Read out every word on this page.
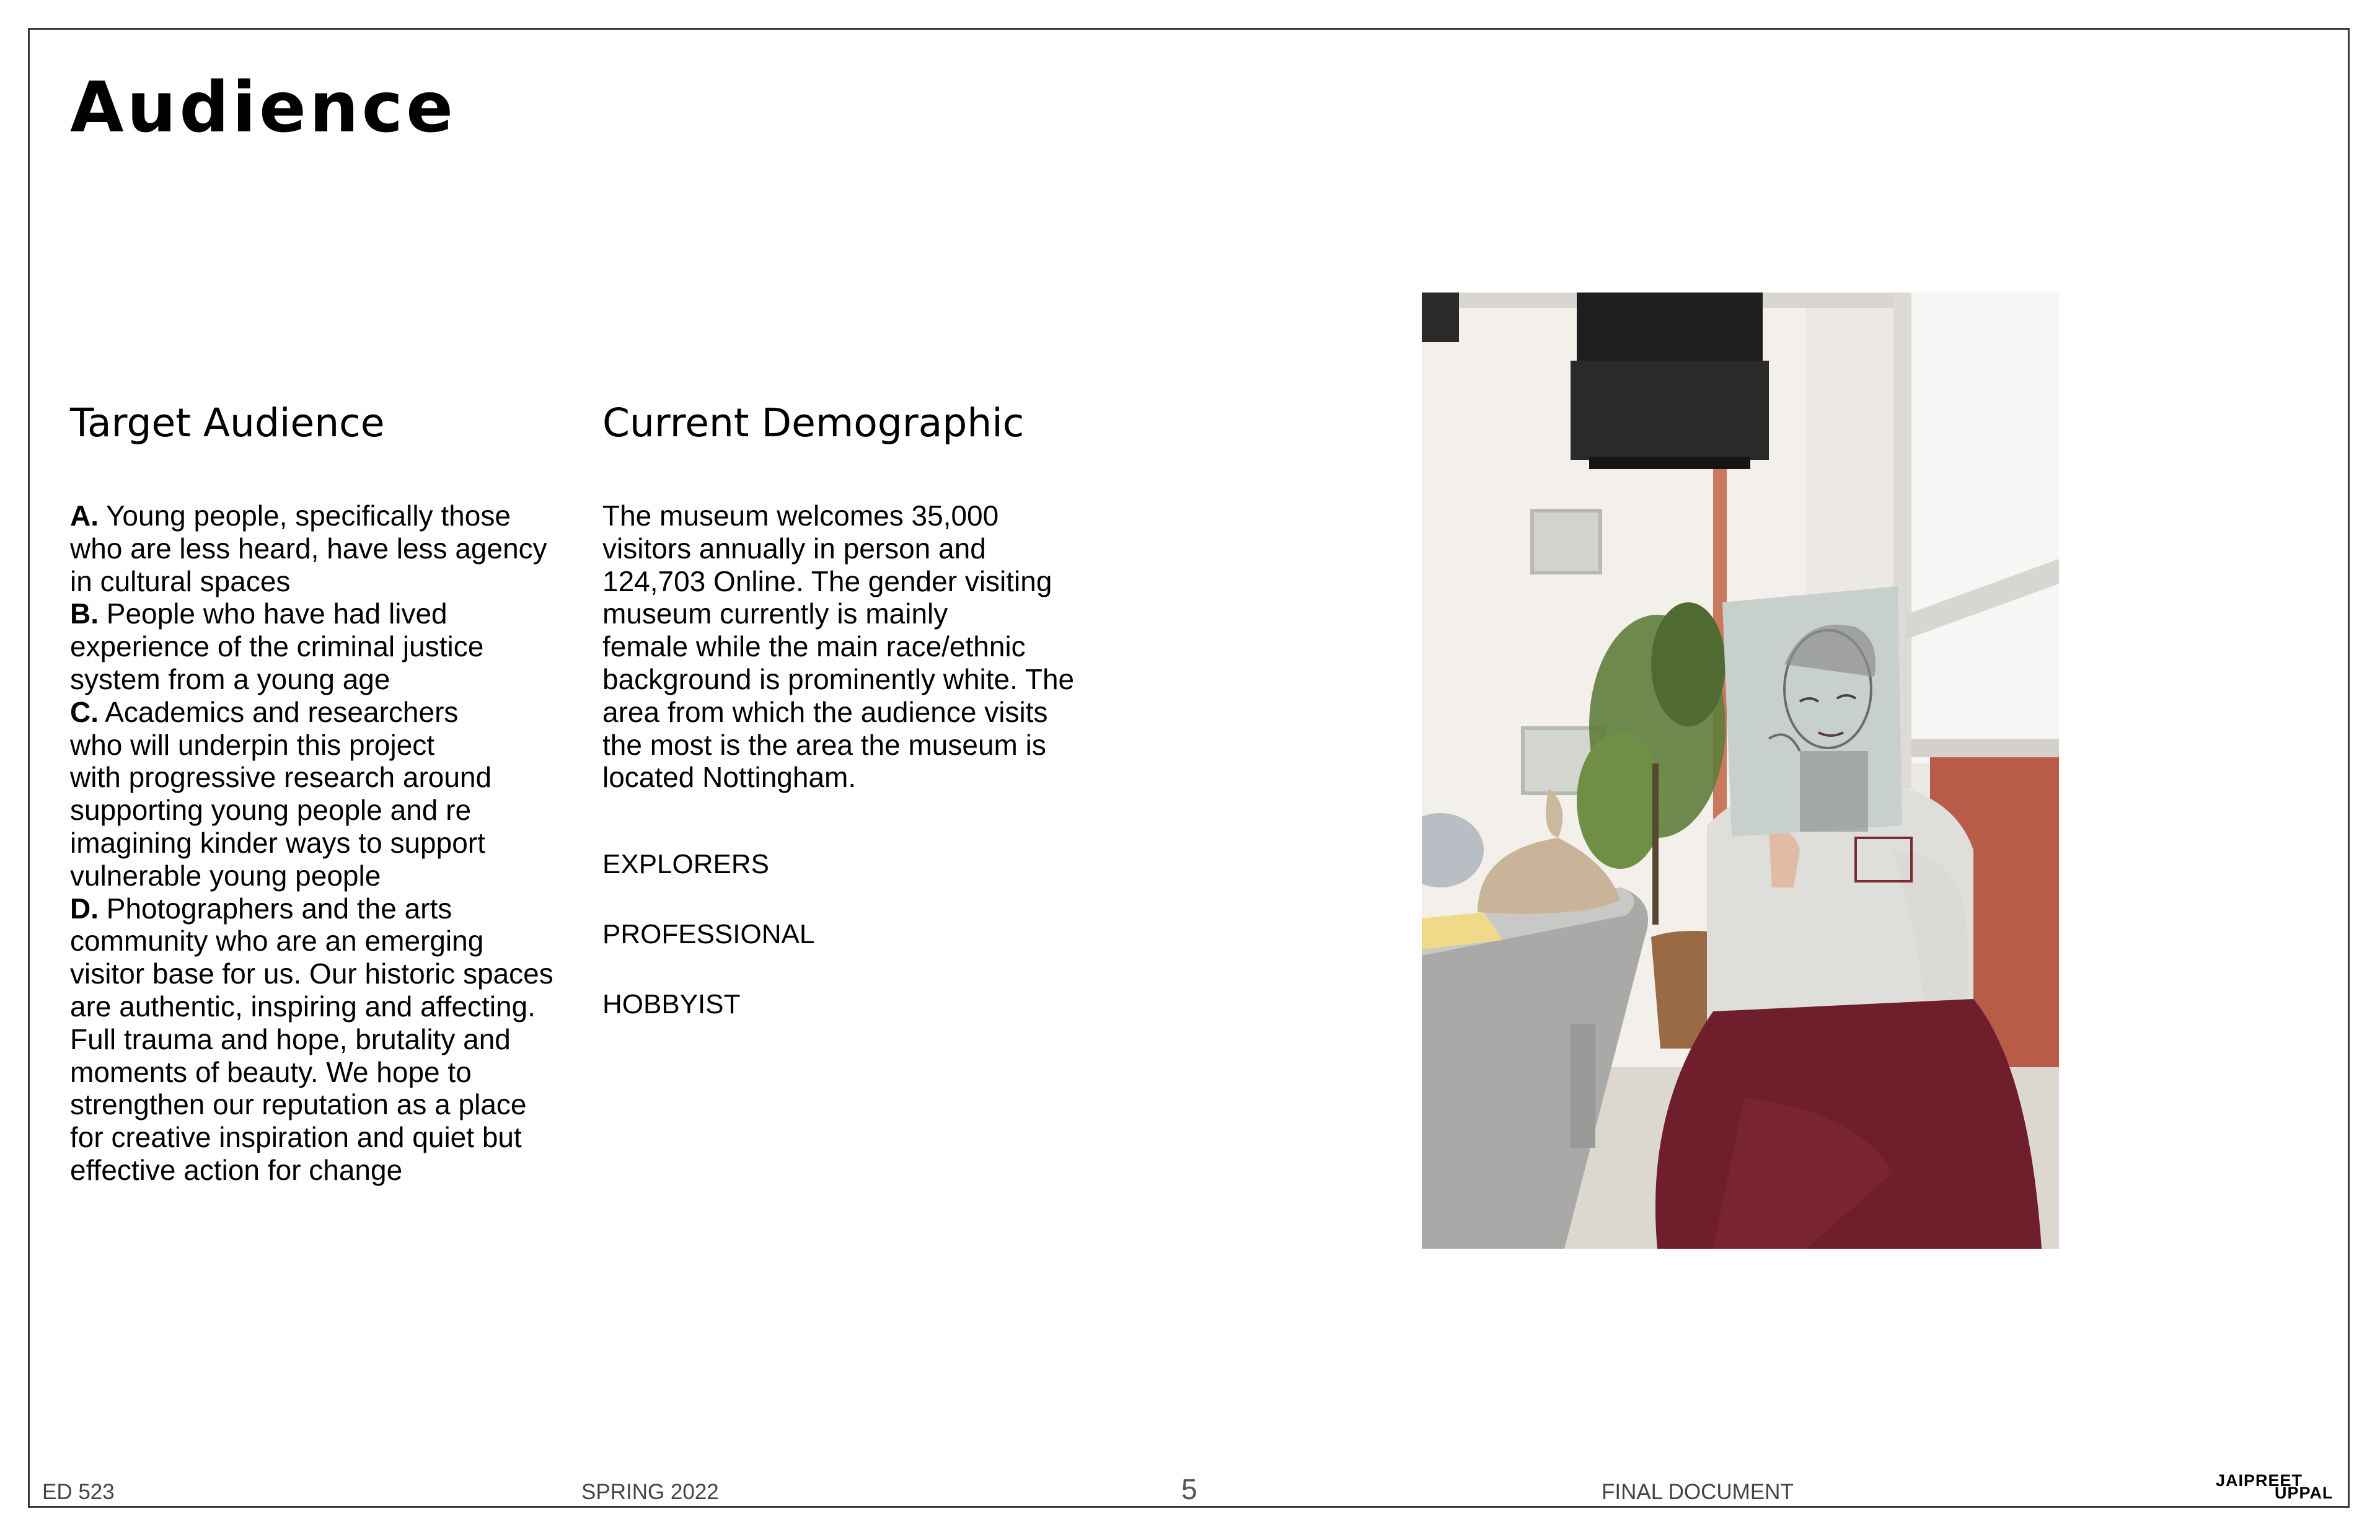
Audience
Target Audience
A. Young people, specifically those
who are less heard, have less agency
in cultural spaces
B. People who have had lived
experience of the criminal justice
system from a young age
C. Academics and researchers
who will underpin this project
with progressive research around
supporting young people and re
imagining kinder ways to support
vulnerable young people
D. Photographers and the arts
community who are an emerging
visitor base for us. Our historic spaces
are authentic, inspiring and affecting.
Full trauma and hope, brutality and
moments of beauty. We hope to
strengthen our reputation as a place
for creative inspiration and quiet but
effective action for change
Current Demographic
The museum welcomes 35,000
visitors annually in person and
124,703 Online. The gender visiting
museum currently is mainly
female while the main race/ethnic
background is prominently white. The
area from which the audience visits
the most is the area the museum is
located Nottingham.
EXPLORERS
PROFESSIONAL
HOBBYIST
ED 523	SPRING 2022	5	FINAL DOCUMENT	JAIPREET
UPPAL
